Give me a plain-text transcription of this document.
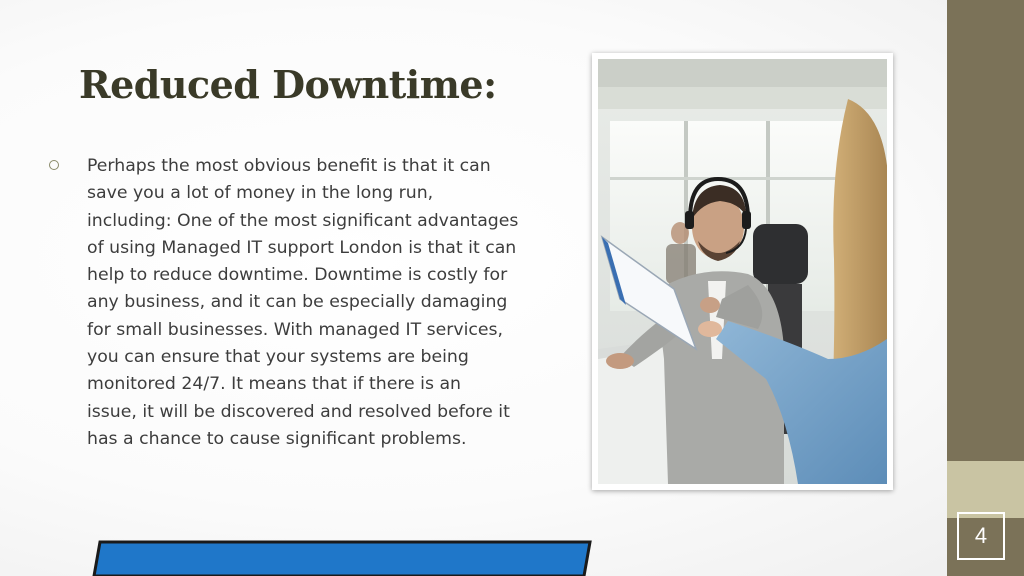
4
Reduced Downtime:

Perhaps the most obvious benefit is that it can
save you a lot of money in the long run,
including: One of the most significant advantages
of using Managed IT support London is that it can
help to reduce downtime. Downtime is costly for
any business, and it can be especially damaging
for small businesses. With managed IT services,
you can ensure that your systems are being
monitored 24/7. It means that if there is an
issue, it will be discovered and resolved before it
has a chance to cause significant problems.
